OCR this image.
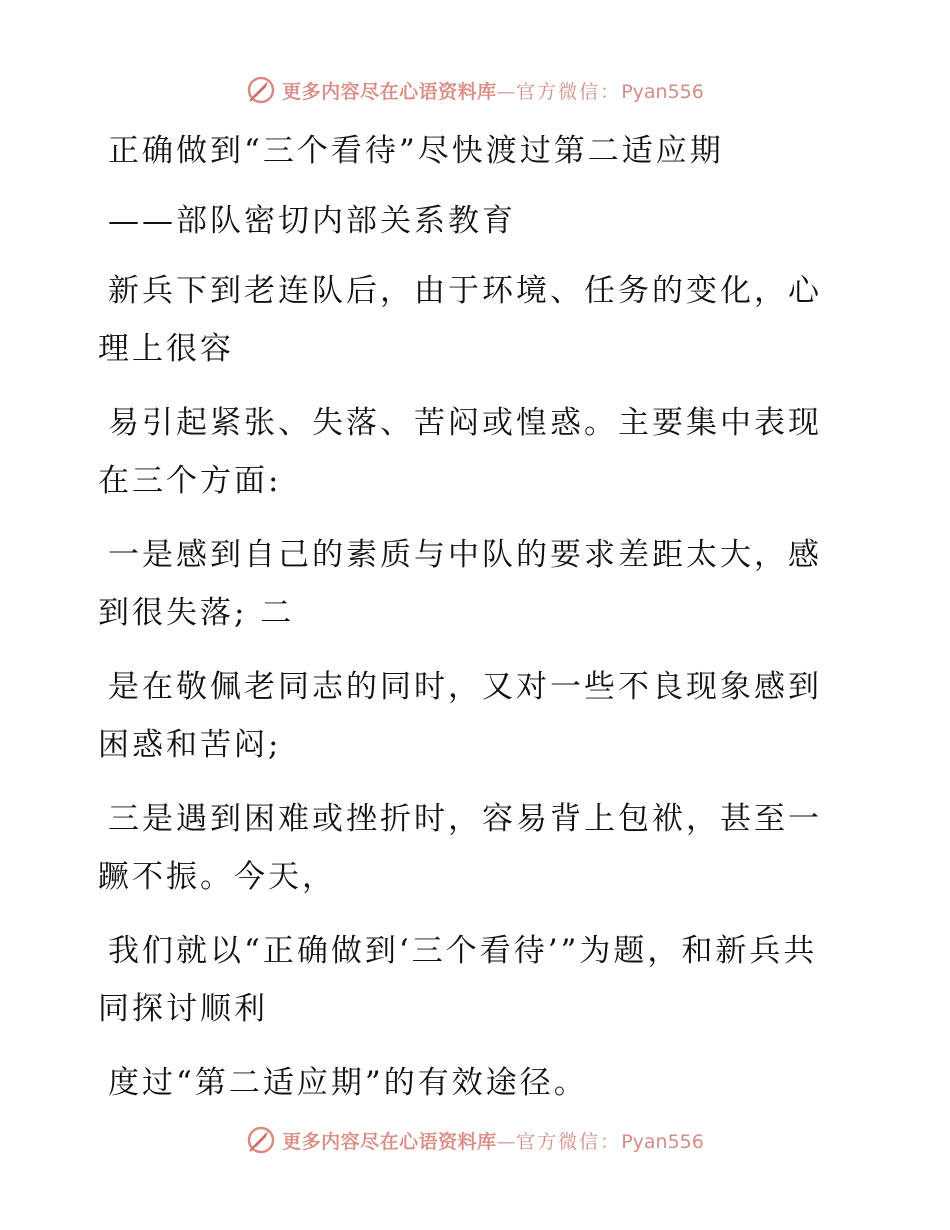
更多内容尽在心语资料库—官方微信：Pyan556

正确做到“三个看待”尽快渡过第二适应期

——部队密切内部关系教育

新兵下到老连队后，由于环境、任务的变化，心理上很容

易引起紧张、失落、苦闷或惶惑。主要集中表现在三个方面:

一是感到自己的素质与中队的要求差距太大，感到很失落; 二

是在敬佩老同志的同时，又对一些不良现象感到困惑和苦闷;

三是遇到困难或挫折时，容易背上包袱，甚至一蹶不振。今天，

我们就以“正确做到‘三个看待’”为题，和新兵共同探讨顺利

度过“第二适应期”的有效途径。

更多内容尽在心语资料库—官方微信：Pyan556
